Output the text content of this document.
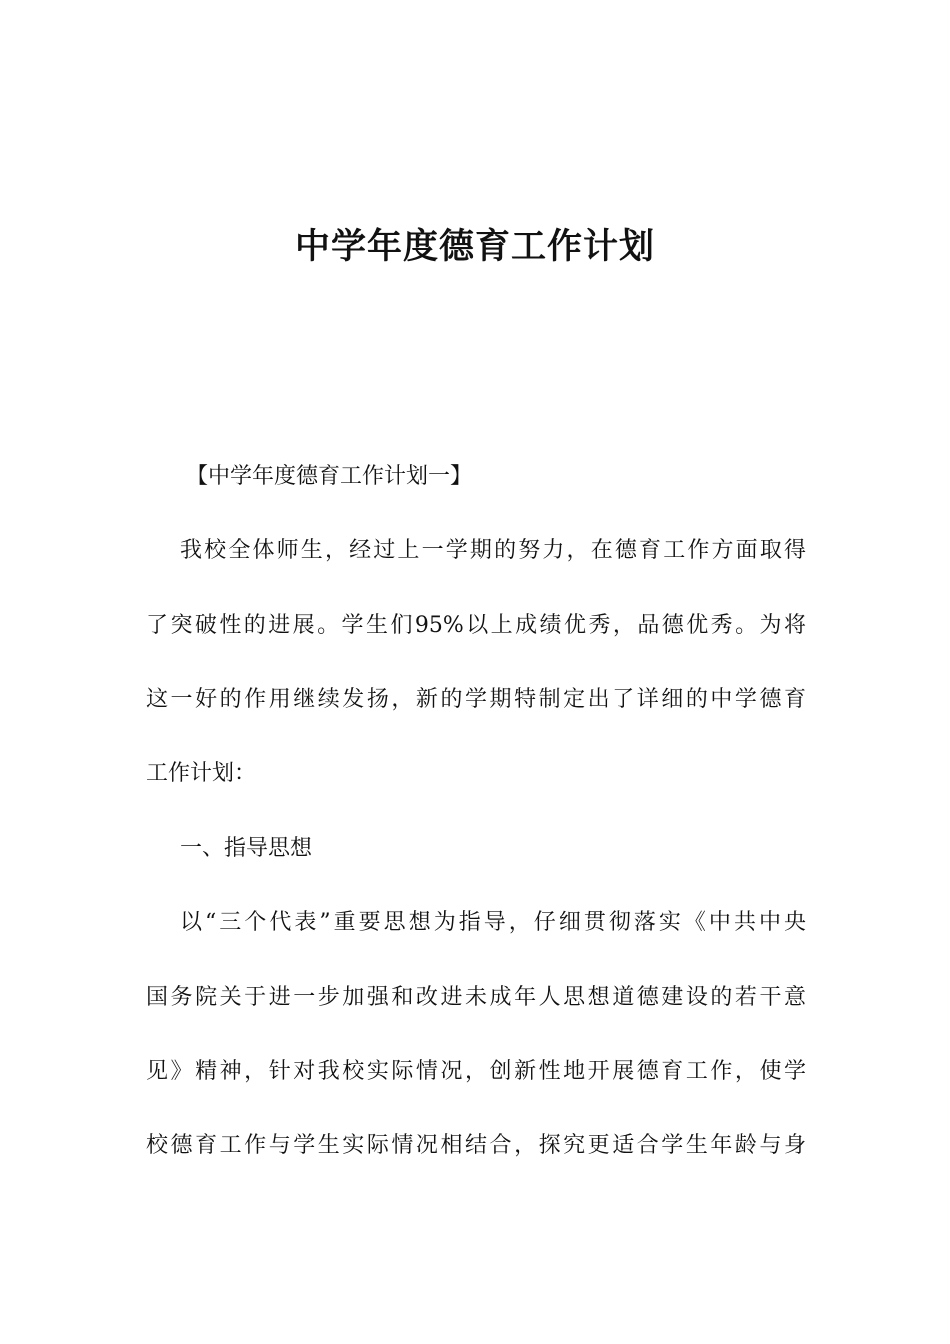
中学年度德育工作计划

【中学年度德育工作计划一】

我校全体师生，经过上一学期的努力，在德育工作方面取得

了突破性的进展。学生们95%以上成绩优秀，品德优秀。为将

这一好的作用继续发扬，新的学期特制定出了详细的中学德育

工作计划：

一、指导思想

以“三个代表”重要思想为指导，仔细贯彻落实《中共中央

国务院关于进一步加强和改进未成年人思想道德建设的若干意

见》精神，针对我校实际情况，创新性地开展德育工作，使学

校德育工作与学生实际情况相结合，探究更适合学生年龄与身
